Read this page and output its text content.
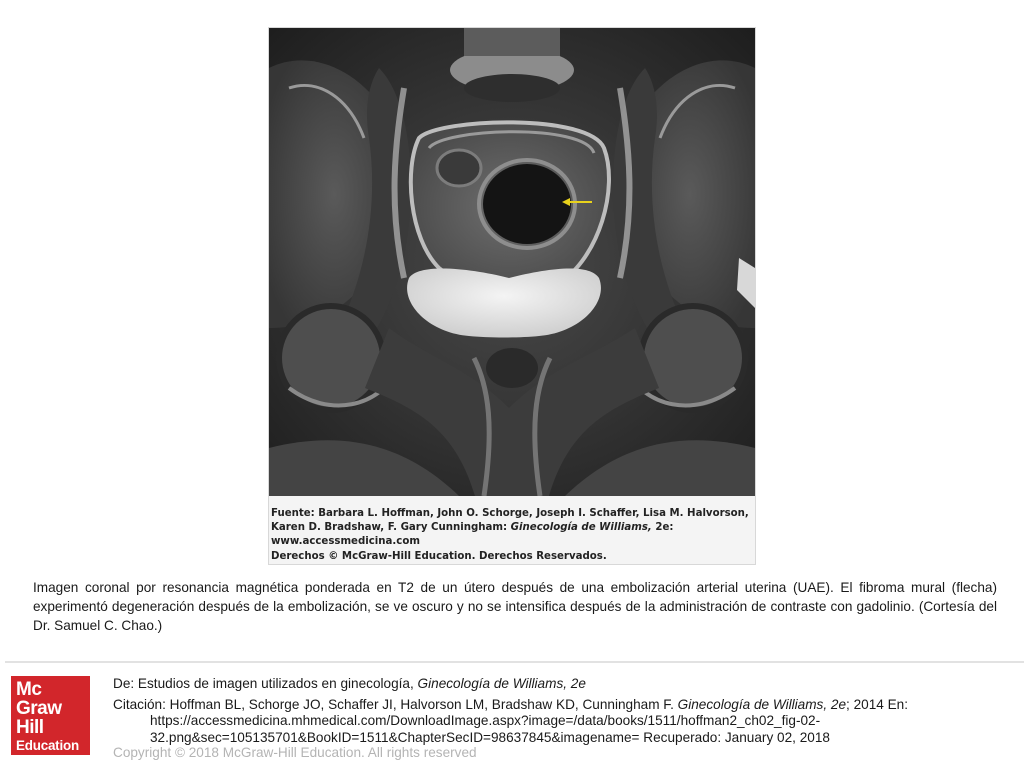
Fuente: Barbara L. Hoffman, John O. Schorge, Joseph I. Schaffer, Lisa M. Halvorson,
Karen D. Bradshaw, F. Gary Cunningham: Ginecología de Williams, 2e:
www.accessmedicina.com
Derechos © McGraw-Hill Education. Derechos Reservados.
Imagen coronal por resonancia magnética ponderada en T2 de un útero después de una embolización arterial uterina (UAE). El fibroma mural (flecha) experimentó degeneración después de la embolización, se ve oscuro y no se intensifica después de la administración de contraste con gadolinio. (Cortesía del Dr. Samuel C. Chao.)
Mc
Graw
Hill
Education
De: Estudios de imagen utilizados en ginecología, Ginecología de Williams, 2e
Citación: Hoffman BL, Schorge JO, Schaffer JI, Halvorson LM, Bradshaw KD, Cunningham F. Ginecología de Williams, 2e; 2014 En:
https://accessmedicina.mhmedical.com/DownloadImage.aspx?image=/data/books/1511/hoffman2_ch02_fig-02-
32.png&sec=105135701&BookID=1511&ChapterSecID=98637845&imagename= Recuperado: January 02, 2018
Copyright © 2018 McGraw-Hill Education. All rights reserved
